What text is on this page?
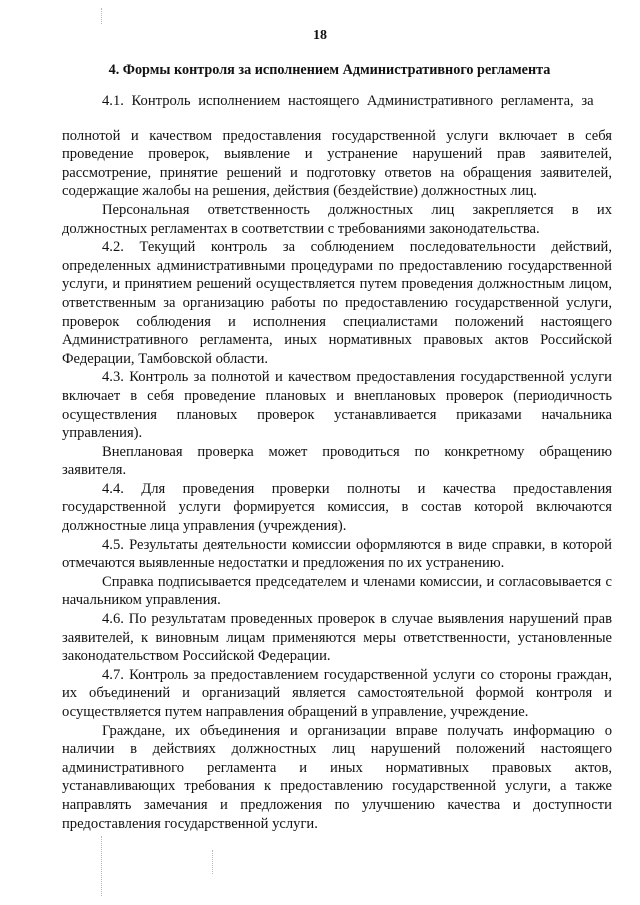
18
4. Формы контроля за исполнением Административного регламента

4.1. Контроль исполнением настоящего Административного регламента, за

полнотой и качеством предоставления государственной услуги включает в себя проведение проверок, выявление и устранение нарушений прав заявителей, рассмотрение, принятие решений и подготовку ответов на обращения заявителей, содержащие жалобы на решения, действия (бездействие) должностных лиц.

Персональная ответственность должностных лиц закрепляется в их должностных регламентах в соответствии с требованиями законодательства.

4.2. Текущий контроль за соблюдением последовательности действий, определенных административными процедурами по предоставлению государственной услуги, и принятием решений осуществляется путем проведения должностным лицом, ответственным за организацию работы по предоставлению государственной услуги, проверок соблюдения и исполнения специалистами положений настоящего Административного регламента, иных нормативных правовых актов Российской Федерации, Тамбовской области.

4.3. Контроль за полнотой и качеством предоставления государственной услуги включает в себя проведение плановых и внеплановых проверок (периодичность осуществления плановых проверок устанавливается приказами начальника управления).

Внеплановая проверка может проводиться по конкретному обращению заявителя.

4.4. Для проведения проверки полноты и качества предоставления государственной услуги формируется комиссия, в состав которой включаются должностные лица управления (учреждения).

4.5. Результаты деятельности комиссии оформляются в виде справки, в которой отмечаются выявленные недостатки и предложения по их устранению.

Справка подписывается председателем и членами комиссии, и согласовывается с начальником управления.

4.6. По результатам проведенных проверок в случае выявления нарушений прав заявителей, к виновным лицам применяются меры ответственности, установленные законодательством Российской Федерации.

4.7. Контроль за предоставлением государственной услуги со стороны граждан, их объединений и организаций является самостоятельной формой контроля и осуществляется путем направления обращений в управление, учреждение.

Граждане, их объединения и организации вправе получать информацию о наличии в действиях должностных лиц нарушений положений настоящего административного регламента и иных нормативных правовых актов, устанавливающих требования к предоставлению государственной услуги, а также направлять замечания и предложения по улучшению качества и доступности предоставления государственной услуги.
